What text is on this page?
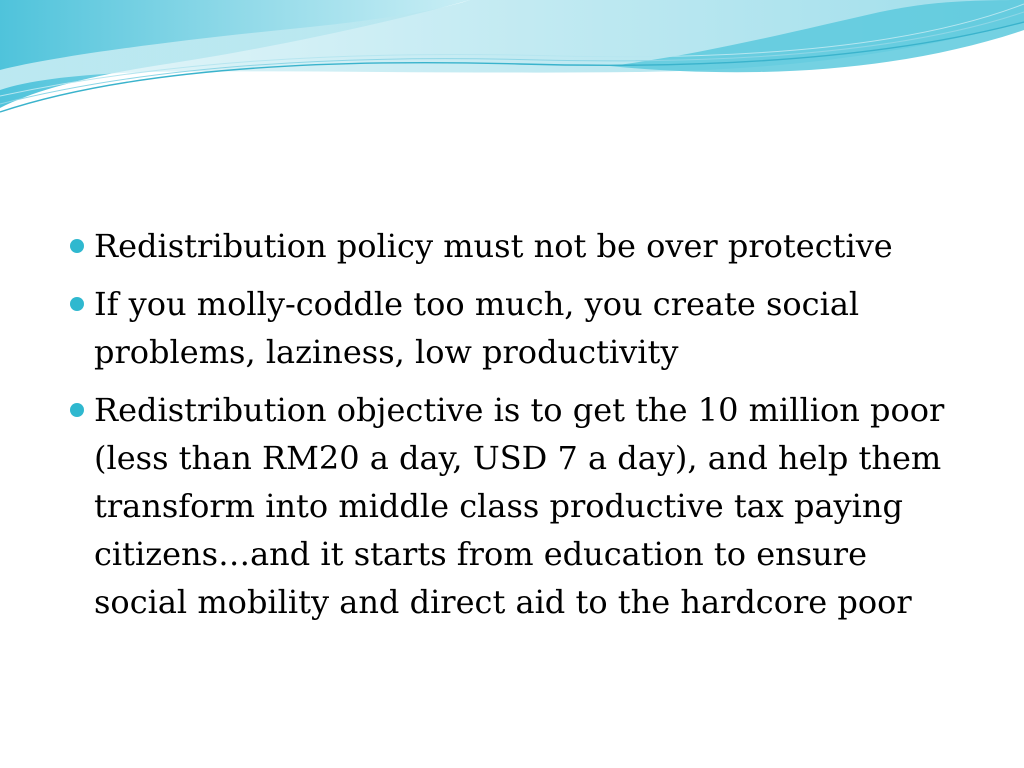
Redistribution policy must not be over protective
If you molly-coddle too much, you create social problems, laziness, low productivity
Redistribution objective is to get the 10 million poor (less than RM20 a day, USD 7 a day), and help them transform into middle class productive tax paying citizens…and it starts from education to ensure social mobility and direct aid to the hardcore poor
